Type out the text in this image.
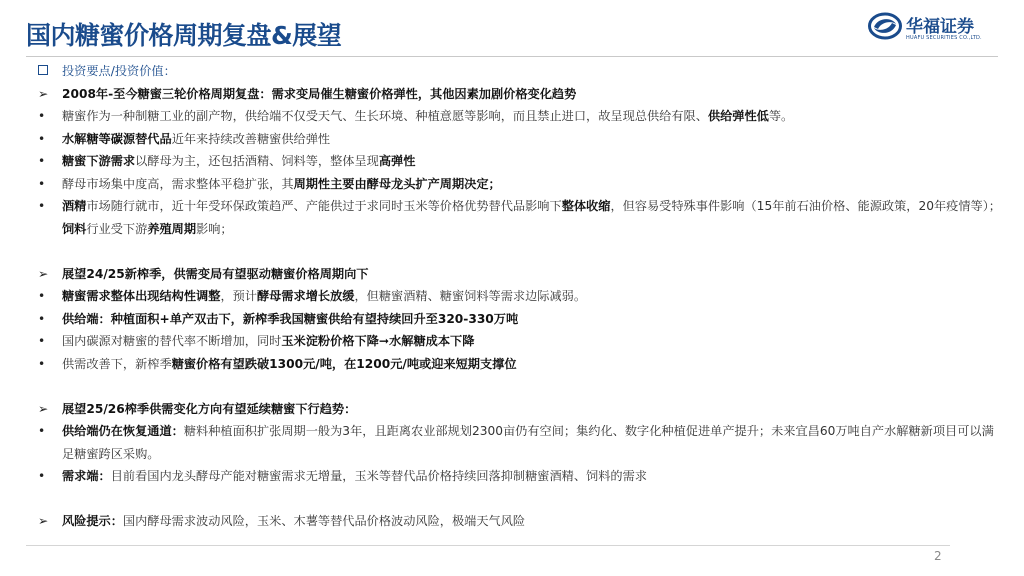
国内糖蜜价格周期复盘&展望	华福证券
HUAFU SECURITIES CO.,LTD.
投资要点/投资价值：
➢	2008年-至今糖蜜三轮价格周期复盘：需求变局催生糖蜜价格弹性，其他因素加剧价格变化趋势
•	糖蜜作为一种制糖工业的副产物，供给端不仅受天气、生长环境、种植意愿等影响，而且禁止进口，故呈现总供给有限、供给弹性低等。
•	水解糖等碳源替代品近年来持续改善糖蜜供给弹性
•	糖蜜下游需求以酵母为主，还包括酒精、饲料等，整体呈现高弹性
•	酵母市场集中度高，需求整体平稳扩张，其周期性主要由酵母龙头扩产周期决定；
•	酒精市场随行就市，近十年受环保政策趋严、产能供过于求同时玉米等价格优势替代品影响下整体收缩，但容易受特殊事件影响（15年前石油价格、能源政策，20年疫情等）； 饲料行业受下游养殖周期影响；
➢	展望24/25新榨季，供需变局有望驱动糖蜜价格周期向下
•	糖蜜需求整体出现结构性调整，预计酵母需求增长放缓，但糖蜜酒精、糖蜜饲料等需求边际减弱。
•	供给端：种植面积+单产双击下，新榨季我国糖蜜供给有望持续回升至320-330万吨
•	国内碳源对糖蜜的替代率不断增加，同时玉米淀粉价格下降➞水解糖成本下降
•	供需改善下，新榨季糖蜜价格有望跌破1300元/吨，在1200元/吨或迎来短期支撑位
➢	展望25/26榨季供需变化方向有望延续糖蜜下行趋势：
•	供给端仍在恢复通道：糖料种植面积扩张周期一般为3年，且距离农业部规划2300亩仍有空间；集约化、数字化种植促进单产提升；未来宜昌60万吨自产水解糖新项目可以满足糖蜜跨区采购。
•	需求端：目前看国内龙头酵母产能对糖蜜需求无增量，玉米等替代品价格持续回落抑制糖蜜酒精、饲料的需求
➢	风险提示：国内酵母需求波动风险，玉米、木薯等替代品价格波动风险，极端天气风险
2
